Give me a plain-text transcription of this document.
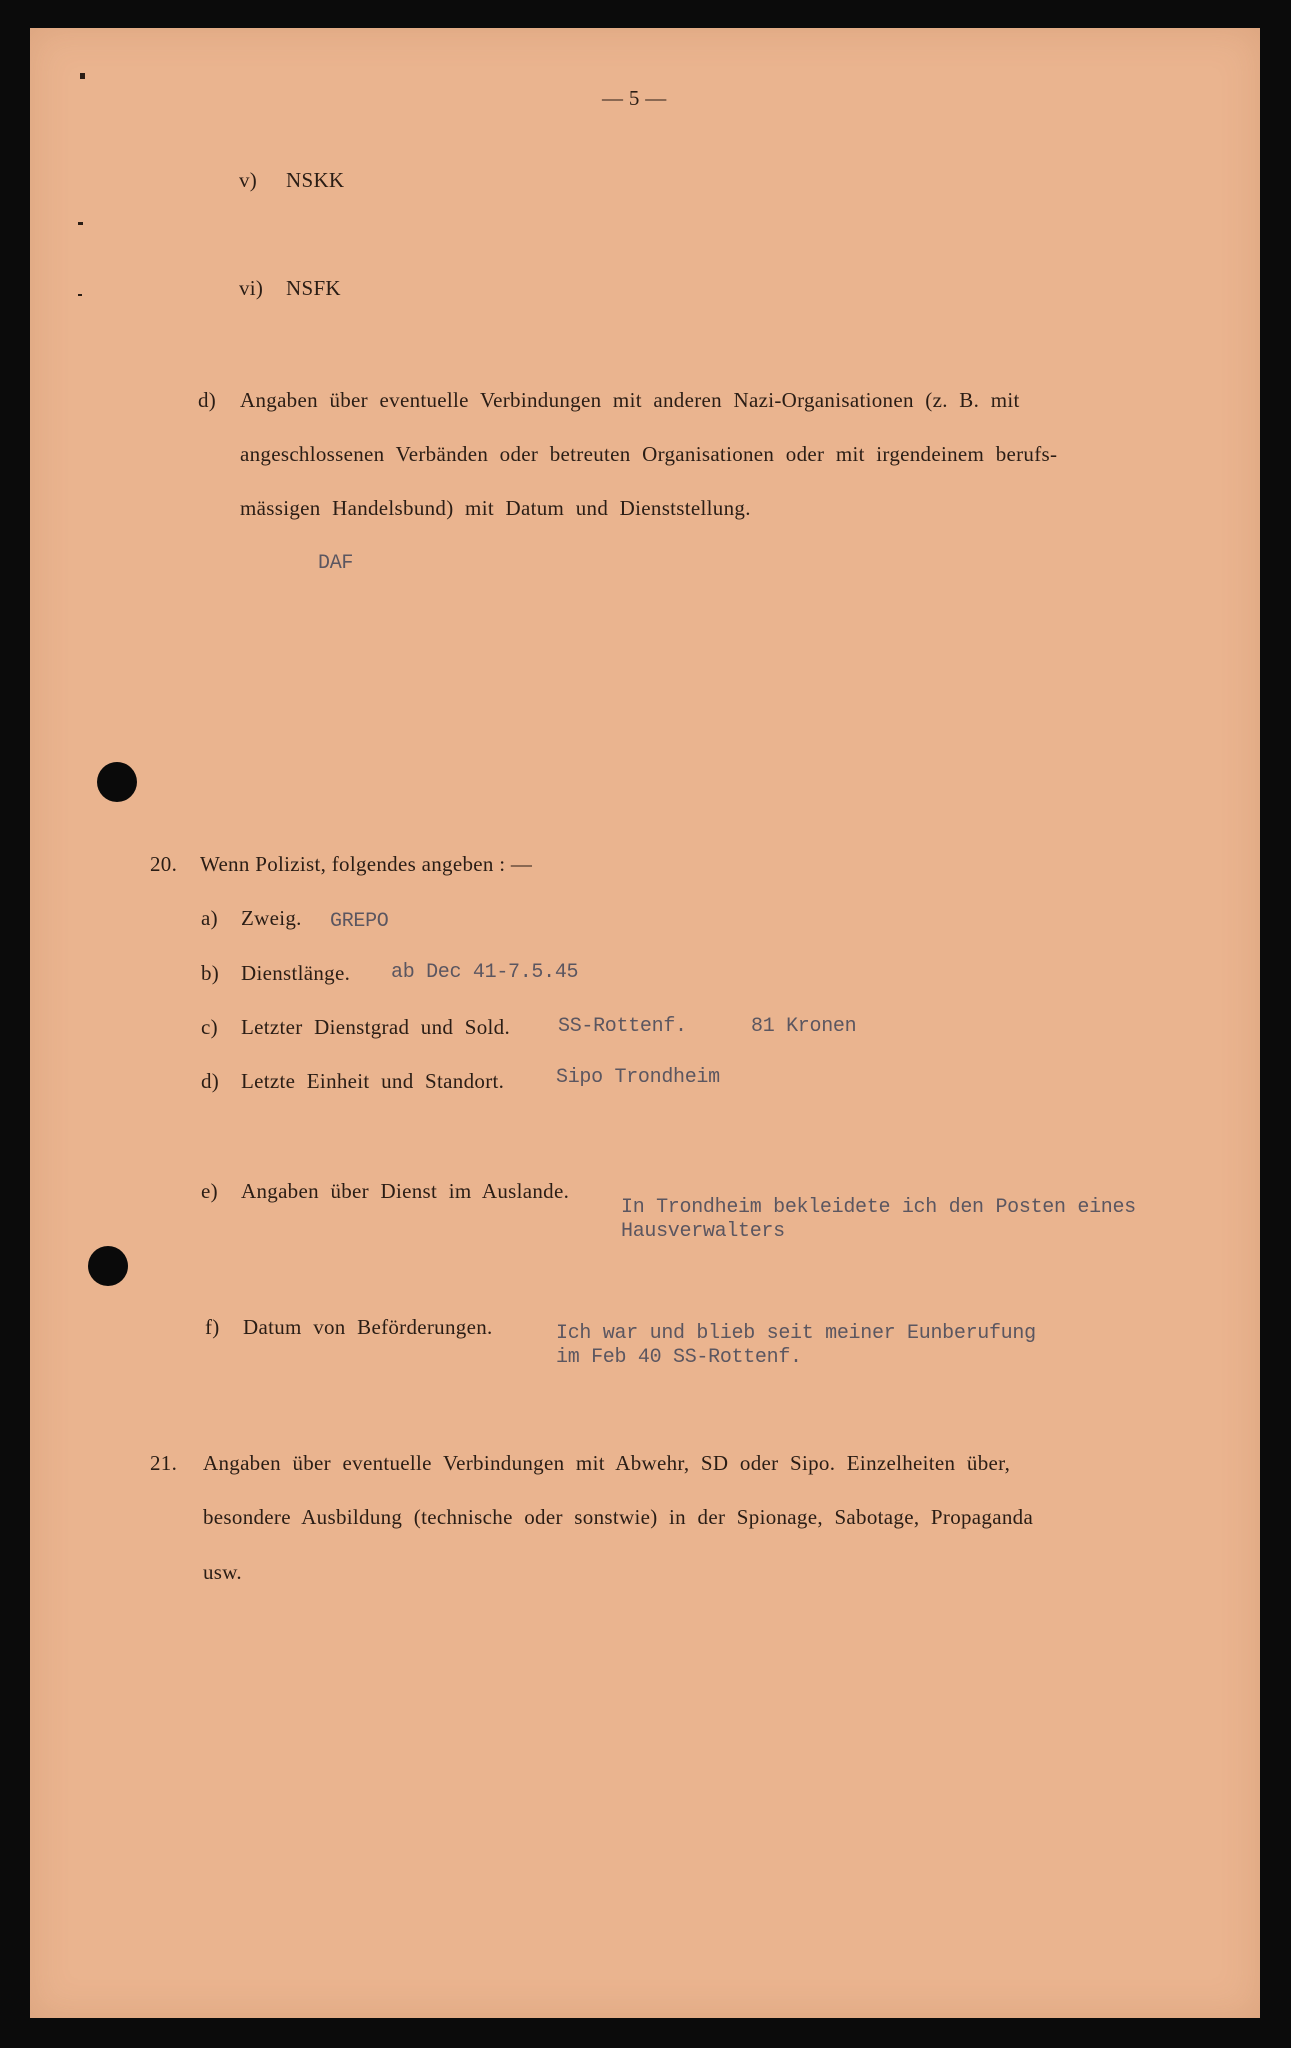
— 5 —
v) NSKK
vi) NSFK
d) Angaben über eventuelle Verbindungen mit anderen Nazi-Organisationen (z. B. mit
angeschlossenen Verbänden oder betreuten Organisationen oder mit irgendeinem berufs-
mässigen Handelsbund) mit Datum und Dienststellung.
DAF
20. Wenn Polizist, folgendes angeben : —
a) Zweig. GREPO
b) Dienstlänge. ab Dec 41-7.5.45
c) Letzter Dienstgrad und Sold. SS-Rottenf.	81 Kronen
d) Letzte Einheit und Standort.	Sipo Trondheim
e) Angaben über Dienst im Auslande.
In Trondheim bekleidete ich den Posten eines
Hausverwalters
f) Datum von Beförderungen.	Ich war und blieb seit meiner Eunberufung
im Feb 40 SS-Rottenf.
21. Angaben über eventuelle Verbindungen mit Abwehr, SD oder Sipo. Einzelheiten über,
besondere Ausbildung (technische oder sonstwie) in der Spionage, Sabotage, Propaganda
usw.
